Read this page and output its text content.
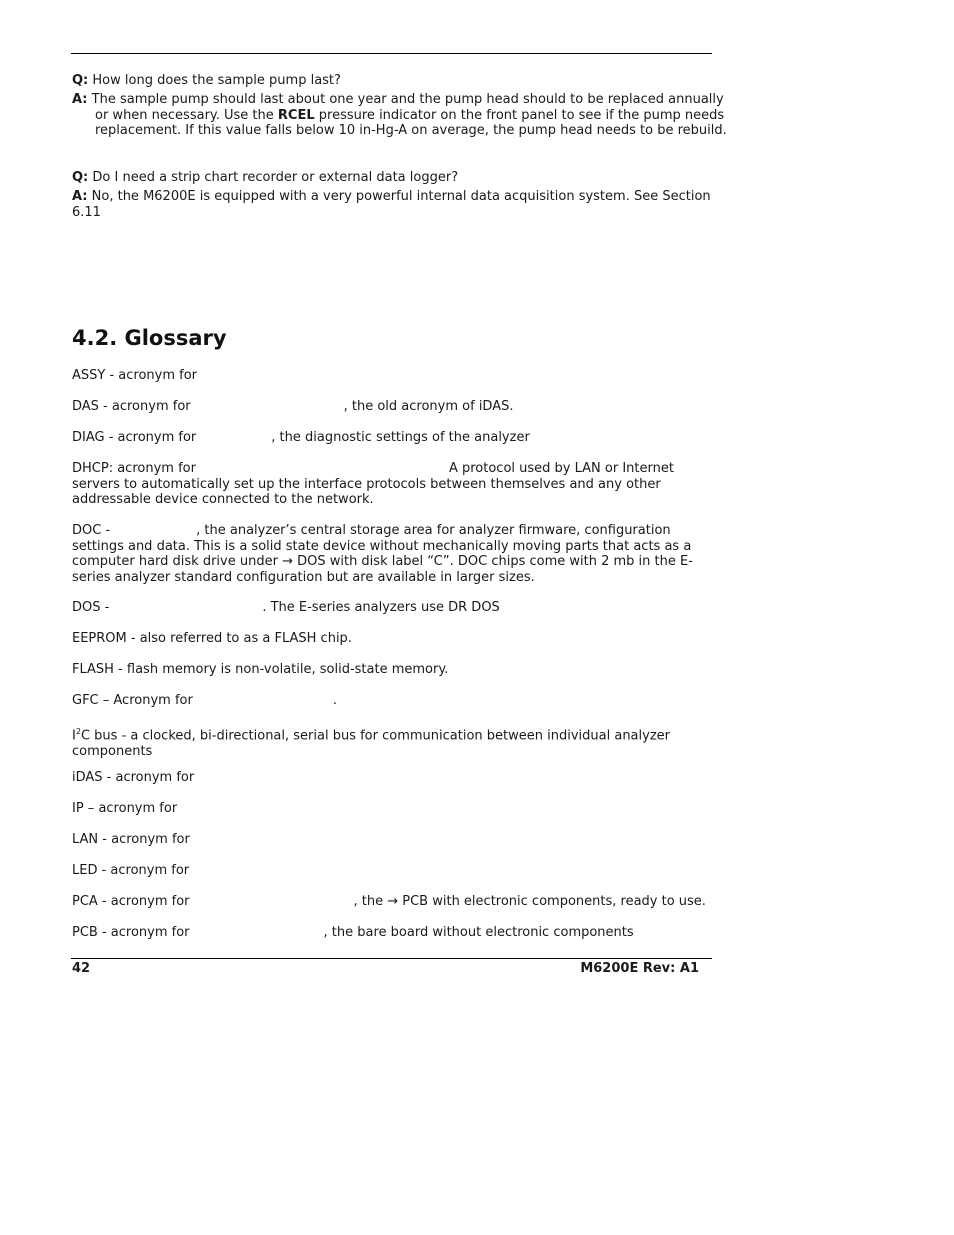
Q: How long does the sample pump last?
A: The sample pump should last about one year and the pump head should to be replaced annually or when necessary. Use the RCEL pressure indicator on the front panel to see if the pump needs replacement. If this value falls below 10 in-Hg-A on average, the pump head needs to be rebuild.
Q: Do I need a strip chart recorder or external data logger?
A: No, the M6200E is equipped with a very powerful internal data acquisition system. See Section 6.11
4.2. Glossary
ASSY - acronym for
DAS - acronym for	, the old acronym of iDAS.
DIAG - acronym for	, the diagnostic settings of the analyzer
DHCP: acronym for	A protocol used by LAN or Internet servers to automatically set up the interface protocols between themselves and any other addressable device connected to the network.
DOC -	, the analyzer’s central storage area for analyzer firmware, configuration settings and data. This is a solid state device without mechanically moving parts that acts as a computer hard disk drive under → DOS with disk label “C”. DOC chips come with 2 mb in the E-series analyzer standard configuration but are available in larger sizes.
DOS -	. The E-series analyzers use DR DOS
EEPROM - also referred to as a FLASH chip.
FLASH - flash memory is non-volatile, solid-state memory.
GFC – Acronym for	.
$I^2C$ bus - a clocked, bi-directional, serial bus for communication between individual analyzer components
iDAS - acronym for
IP – acronym for
LAN - acronym for
LED - acronym for
PCA - acronym for	, the → PCB with electronic components, ready to use.
PCB - acronym for	, the bare board without electronic components
42	M6200E Rev: A1
